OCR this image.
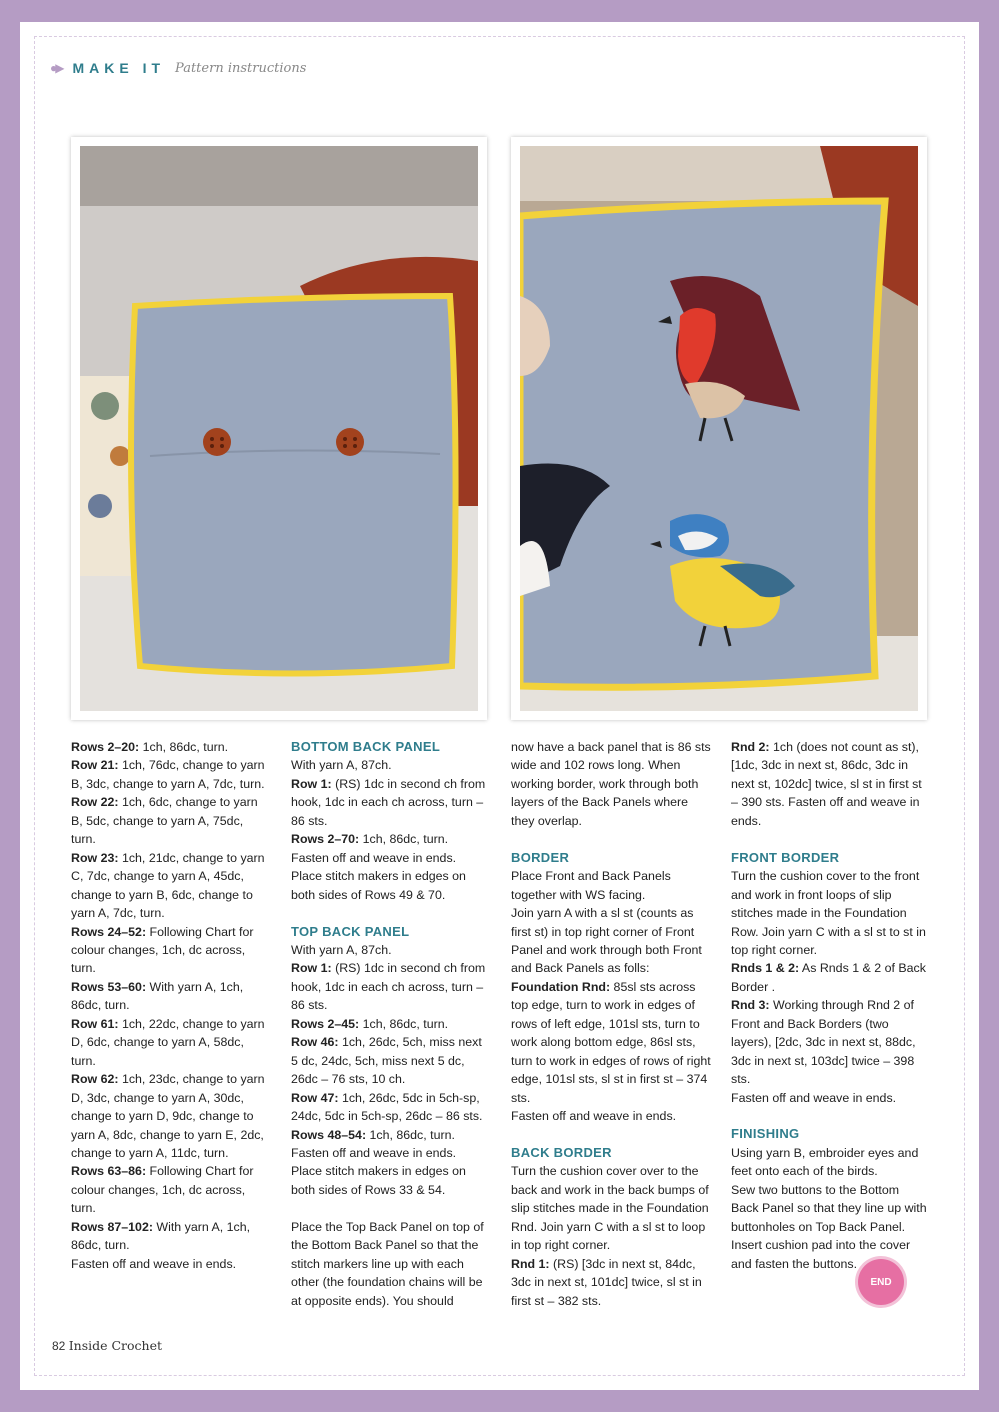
●▶ MAKE IT Pattern instructions

Rows 2–20: 1ch, 86dc, turn.

Row 21: 1ch, 76dc, change to yarn B, 3dc, change to yarn A, 7dc, turn.

Row 22: 1ch, 6dc, change to yarn B, 5dc, change to yarn A, 75dc, turn.

Row 23: 1ch, 21dc, change to yarn C, 7dc, change to yarn A, 45dc, change to yarn B, 6dc, change to yarn A, 7dc, turn.

Rows 24–52: Following Chart for colour changes, 1ch, dc across, turn.

Rows 53–60: With yarn A, 1ch, 86dc, turn.

Row 61: 1ch, 22dc, change to yarn D, 6dc, change to yarn A, 58dc, turn.

Row 62: 1ch, 23dc, change to yarn D, 3dc, change to yarn A, 30dc, change to yarn D, 9dc, change to yarn A, 8dc, change to yarn E, 2dc, change to yarn A, 11dc, turn.

Rows 63–86: Following Chart for colour changes, 1ch, dc across, turn.

Rows 87–102: With yarn A, 1ch, 86dc, turn.

Fasten off and weave in ends.

BOTTOM BACK PANEL

With yarn A, 87ch.

Row 1: (RS) 1dc in second ch from hook, 1dc in each ch across, turn – 86 sts.

Rows 2–70: 1ch, 86dc, turn.

Fasten off and weave in ends.

Place stitch makers in edges on both sides of Rows 49 & 70.

TOP BACK PANEL

With yarn A, 87ch.

Row 1: (RS) 1dc in second ch from hook, 1dc in each ch across, turn – 86 sts.

Rows 2–45: 1ch, 86dc, turn.

Row 46: 1ch, 26dc, 5ch, miss next 5 dc, 24dc, 5ch, miss next 5 dc, 26dc – 76 sts, 10 ch.

Row 47: 1ch, 26dc, 5dc in 5ch-sp, 24dc, 5dc in 5ch-sp, 26dc – 86 sts.

Rows 48–54: 1ch, 86dc, turn.

Fasten off and weave in ends.

Place stitch makers in edges on both sides of Rows 33 & 54.

Place the Top Back Panel on top of the Bottom Back Panel so that the stitch markers line up with each other (the foundation chains will be at opposite ends). You should

now have a back panel that is 86 sts wide and 102 rows long. When working border, work through both layers of the Back Panels where they overlap.

BORDER

Place Front and Back Panels together with WS facing.

Join yarn A with a sl st (counts as first st) in top right corner of Front Panel and work through both Front and Back Panels as folls:

Foundation Rnd: 85sl sts across top edge, turn to work in edges of rows of left edge, 101sl sts, turn to work along bottom edge, 86sl sts, turn to work in edges of rows of right edge, 101sl sts, sl st in first st – 374 sts.

Fasten off and weave in ends.

BACK BORDER

Turn the cushion cover over to the back and work in the back bumps of slip stitches made in the Foundation Rnd. Join yarn C with a sl st to loop in top right corner.

Rnd 1: (RS) [3dc in next st, 84dc, 3dc in next st, 101dc] twice, sl st in first st – 382 sts.

Rnd 2: 1ch (does not count as st), [1dc, 3dc in next st, 86dc, 3dc in next st, 102dc] twice, sl st in first st – 390 sts. Fasten off and weave in ends.

FRONT BORDER

Turn the cushion cover to the front and work in front loops of slip stitches made in the Foundation Row. Join yarn C with a sl st to st in top right corner.

Rnds 1 & 2: As Rnds 1 & 2 of Back Border .

Rnd 3: Working through Rnd 2 of Front and Back Borders (two layers), [2dc, 3dc in next st, 88dc, 3dc in next st, 103dc] twice – 398 sts.

Fasten off and weave in ends.

FINISHING

Using yarn B, embroider eyes and feet onto each of the birds.

Sew two buttons to the Bottom Back Panel so that they line up with buttonholes on Top Back Panel.

Insert cushion pad into the cover and fasten the buttons.

END
82 Inside Crochet
